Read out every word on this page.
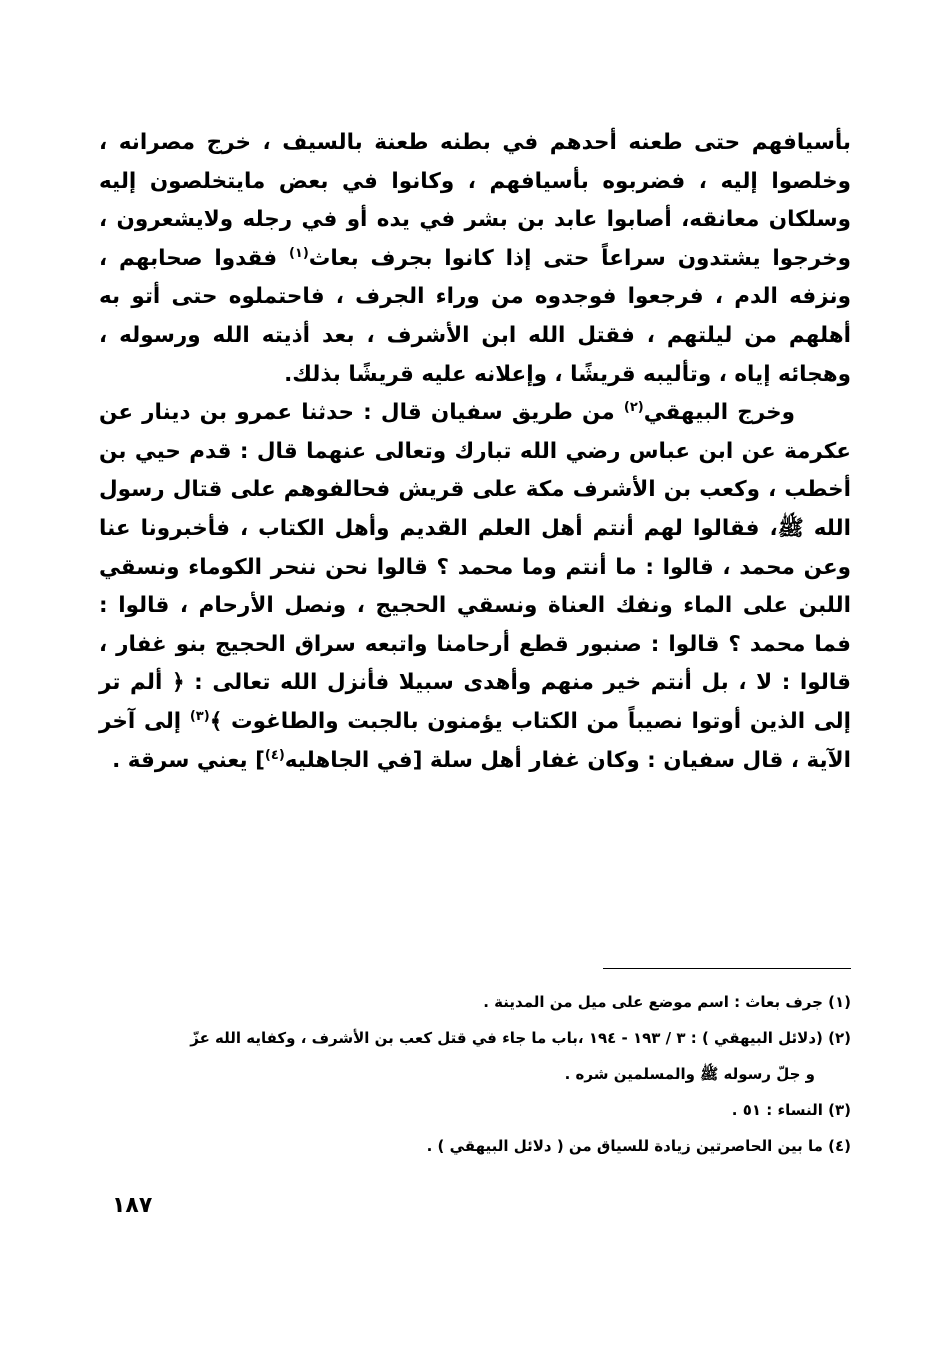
بأسيافهم حتى طعنه أحدهم في بطنه طعنة بالسيف ، خرج مصرانه ، وخلصوا إليه ، فضربوه بأسيافهم ، وكانوا في بعض مايتخلصون إليه وسلكان معانقه، أصابوا عابد بن بشر في يده أو في رجله ولايشعرون ، وخرجوا يشتدون سراعاً حتى إذا كانوا بجرف بعاث$^{(١)}$ فقدوا صحابهم ، ونزفه الدم ، فرجعوا فوجدوه من وراء الجرف ، فاحتملوه حتى أتو به أهلهم من ليلتهم ، فقتل الله ابن الأشرف ، بعد أذيته الله ورسوله ، وهجائه إياه ، وتأليبه قريشًا ، وإعلانه عليه قريشًا بذلك.

وخرج البيهقي$^{(٢)}$ من طريق سفيان قال : حدثنا عمرو بن دينار عن عكرمة عن ابن عباس رضي الله تبارك وتعالى عنهما قال : قدم حيي بن أخطب ، وكعب بن الأشرف مكة على قريش فحالفوهم على قتال رسول الله ﷺ، فقالوا لهم أنتم أهل العلم القديم وأهل الكتاب ، فأخبرونا عنا وعن محمد ، قالوا : ما أنتم وما محمد ؟ قالوا نحن ننحر الكوماء ونسقي اللبن على الماء ونفك العناة ونسقي الحجيج ، ونصل الأرحام ، قالوا : فما محمد ؟ قالوا : صنبور قطع أرحامنا واتبعه سراق الحجيج بنو غفار ، قالوا : لا ، بل أنتم خير منهم وأهدى سبيلا فأنزل الله تعالى : ﴿ ألم تر إلى الذين أوتوا نصيباً من الكتاب يؤمنون بالجبت والطاغوت ﴾$^{(٣)}$ إلى آخر الآية ، قال سفيان : وكان غفار أهل سلة [في الجاهليه$^{(٤)}$] يعني سرقة .

(١) جرف بعاث : اسم موضع على ميل من المدينة .
(٢) (دلائل البيهقي ) : ٣ / ١٩٣ - ١٩٤ ،باب ما جاء في قتل كعب بن الأشرف ، وكفايه الله عزّ
و جلّ رسوله ﷺ والمسلمين شره .
(٣) النساء : ٥١ .
(٤) ما بين الحاصرتين زيادة للسياق من ( دلائل البيهقي ) .
١٨٧
